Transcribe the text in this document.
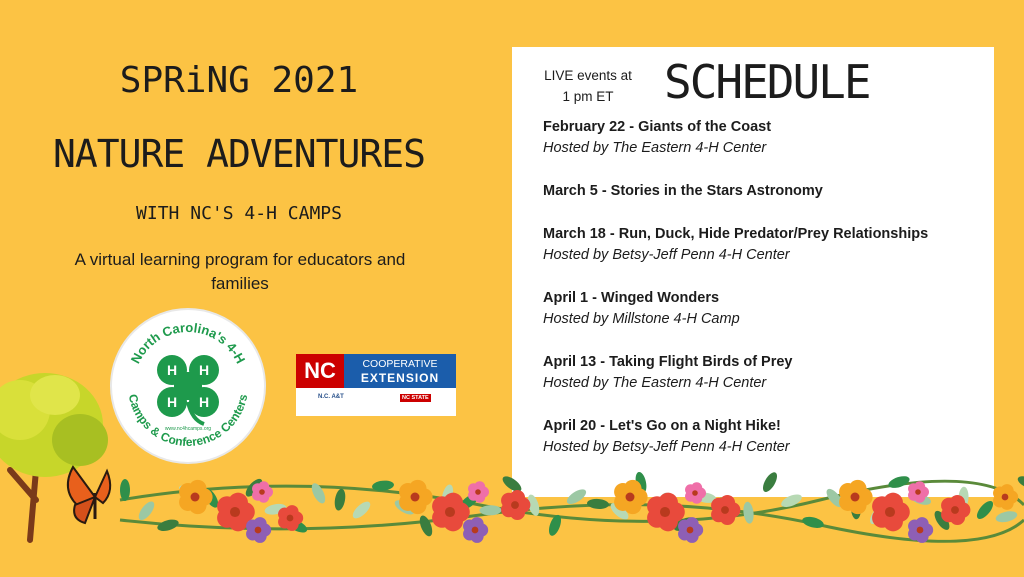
SPRiNG 2021
NATURE ADVENTURES
WITH NC'S 4-H CAMPS
A virtual learning program for educators and families
LIVE events at
1 pm ET	SCHEDULE
February 22 - Giants of the Coast
Hosted by The Eastern 4-H Center
March 5 - Stories in the Stars Astronomy
March 18 - Run, Duck, Hide Predator/Prey Relationships
Hosted by Betsy-Jeff Penn 4-H Center
April 1 - Winged Wonders
Hosted by Millstone 4-H Camp
April 13 - Taking Flight Birds of Prey
Hosted by The Eastern 4-H Center
April 20 - Let's Go on a Night Hike!
Hosted by Betsy-Jeff Penn 4-H Center
North Carolina's 4-H
Camps & Conference Centers
H H
H H
www.nc4hcamps.org
NC	COOPERATIVE
EXTENSION
N.C. A&T	NC STATE
